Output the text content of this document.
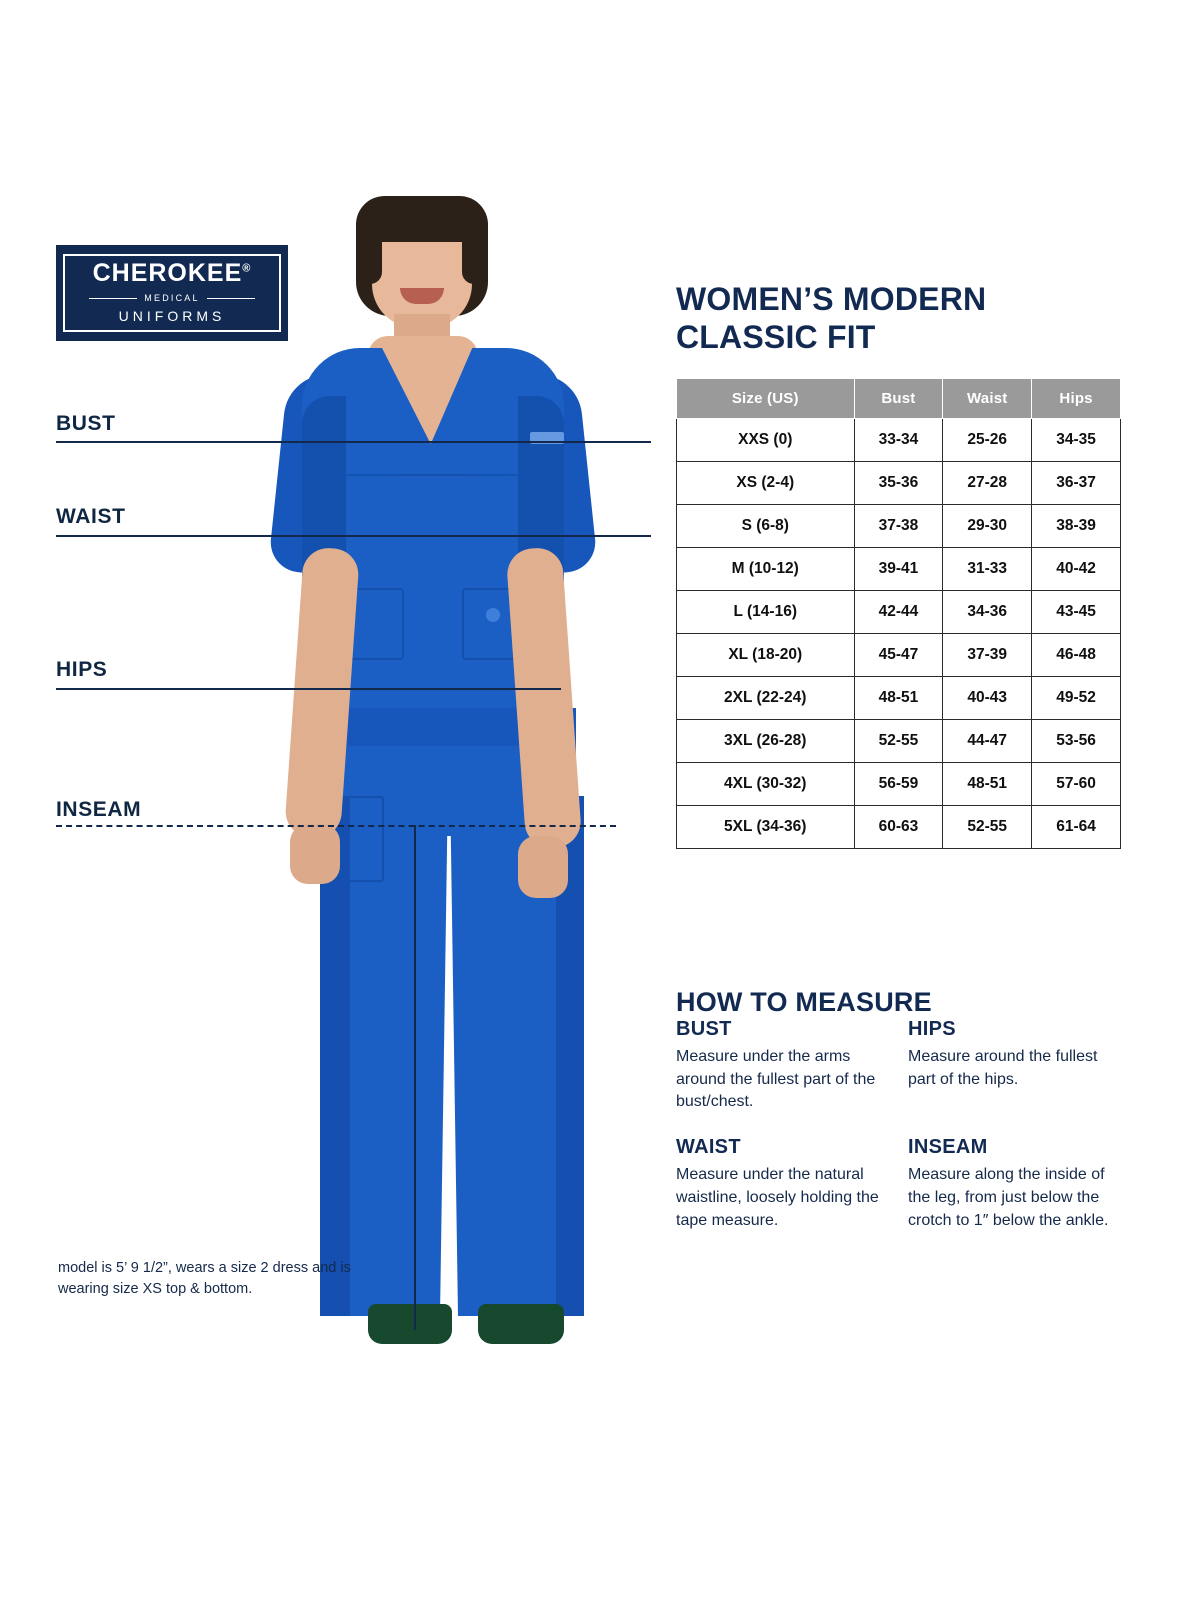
CHEROKEE®
MEDICAL
UNIFORMS
BUST
WAIST
HIPS
INSEAM
model is 5’ 9 1/2”, wears a size 2 dress and is wearing size XS top & bottom.
WOMEN’S MODERN CLASSIC FIT
Size (US)	Bust	Waist	Hips
XXS (0)	33-34	25-26	34-35
XS (2-4)	35-36	27-28	36-37
S (6-8)	37-38	29-30	38-39
M (10-12)	39-41	31-33	40-42
L (14-16)	42-44	34-36	43-45
XL (18-20)	45-47	37-39	46-48
2XL (22-24)	48-51	40-43	49-52
3XL (26-28)	52-55	44-47	53-56
4XL (30-32)	56-59	48-51	57-60
5XL (34-36)	60-63	52-55	61-64
HOW TO MEASURE
BUST

Measure under the arms around the fullest part of the bust/chest.

HIPS

Measure around the fullest part of the hips.

WAIST

Measure under the natural waistline, loosely holding the tape measure.

INSEAM

Measure along the inside of the leg, from just below the crotch to 1″ below the ankle.
